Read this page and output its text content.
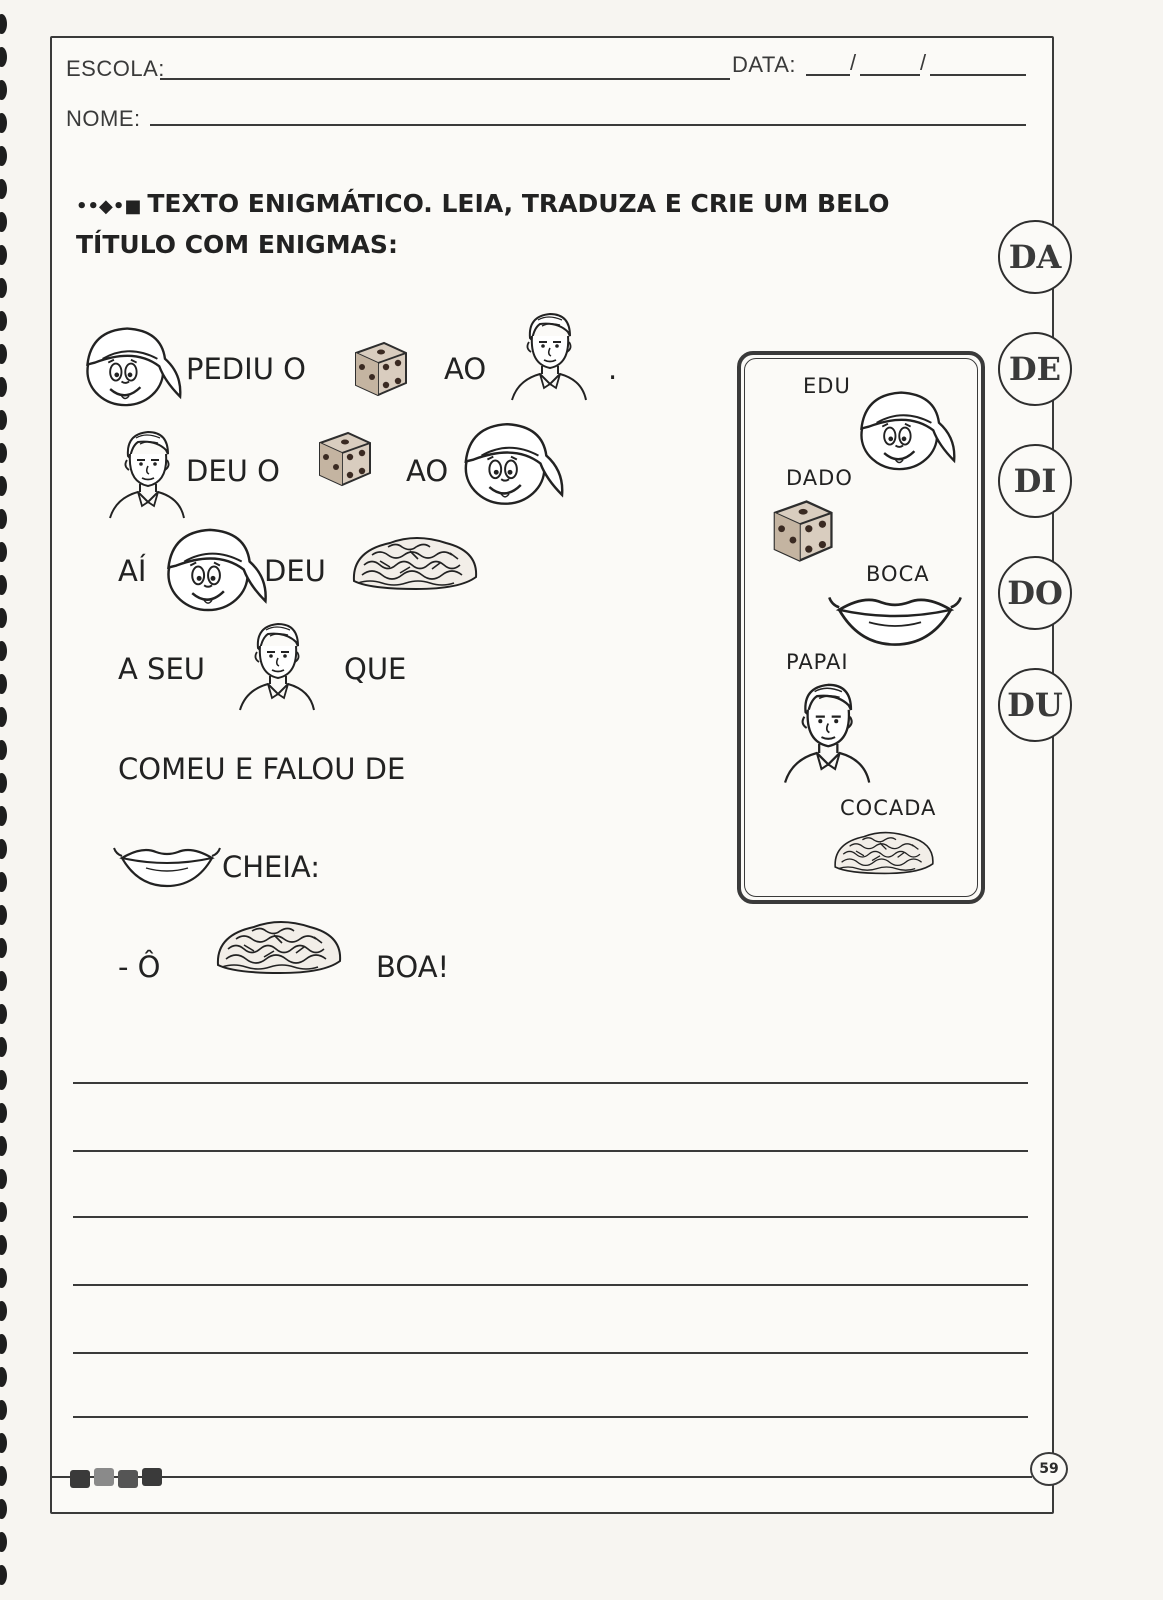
ESCOLA:	DATA: /	/
NOME:
••◆•■ TEXTO ENIGMÁTICO. LEIA, TRADUZA E CRIE UM BELO TÍTULO COM ENIGMAS:
PEDIU O	AO	.
DEU O	AO
AÍ	DEU
A SEU	QUE
COMEU E FALOU DE
CHEIA:
- Ô	BOA!
EDU
DADO
BOCA
PAPAI
COCADA
DA
DE
DI
DO
DU
59
